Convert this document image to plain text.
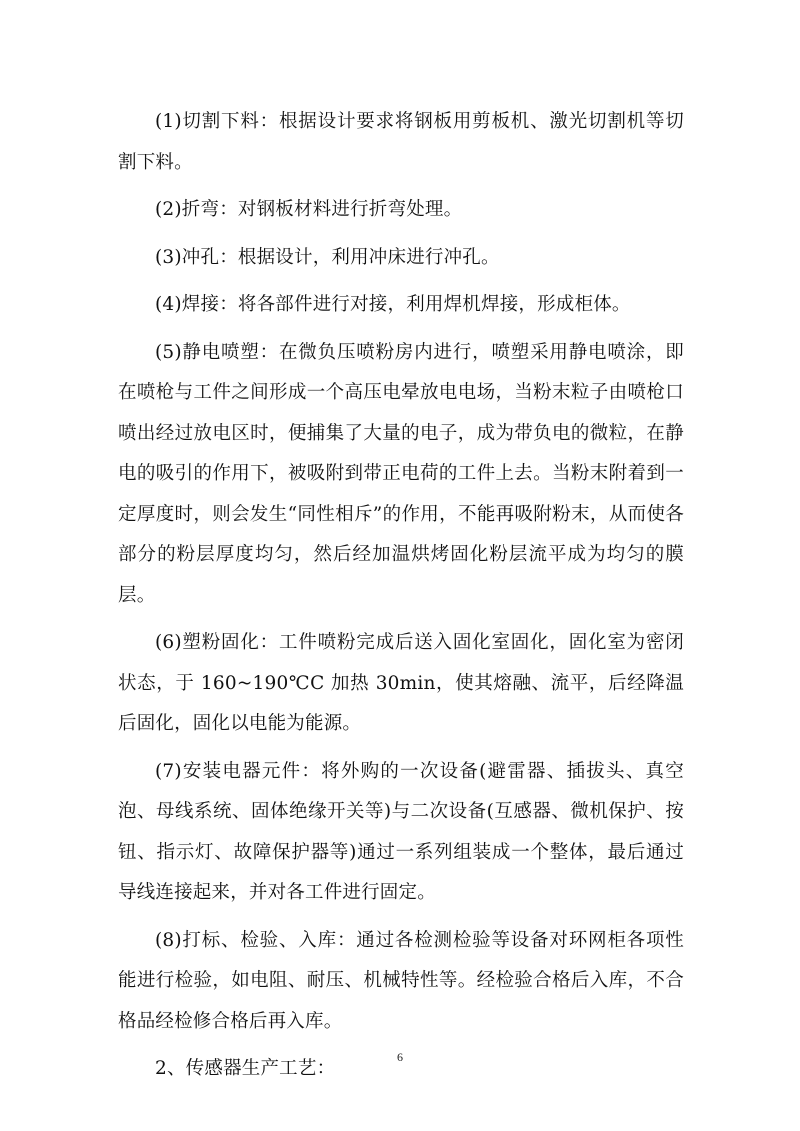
(1)切割下料：根据设计要求将钢板用剪板机、激光切割机等切割下料。

(2)折弯：对钢板材料进行折弯处理。

(3)冲孔：根据设计，利用冲床进行冲孔。

(4)焊接：将各部件进行对接，利用焊机焊接，形成柜体。

(5)静电喷塑：在微负压喷粉房内进行，喷塑采用静电喷涂，即在喷枪与工件之间形成一个高压电晕放电电场，当粉末粒子由喷枪口喷出经过放电区时，便捕集了大量的电子，成为带负电的微粒，在静电的吸引的作用下，被吸附到带正电荷的工件上去。当粉末附着到一定厚度时，则会发生“同性相斥”的作用，不能再吸附粉末，从而使各部分的粉层厚度均匀，然后经加温烘烤固化粉层流平成为均匀的膜层。

(6)塑粉固化：工件喷粉完成后送入固化室固化，固化室为密闭状态，于 160~190℃C 加热 30min，使其熔融、流平，后经降温后固化，固化以电能为能源。

(7)安装电器元件：将外购的一次设备(避雷器、插拔头、真空泡、母线系统、固体绝缘开关等)与二次设备(互感器、微机保护、按钮、指示灯、故障保护器等)通过一系列组装成一个整体，最后通过导线连接起来，并对各工件进行固定。

(8)打标、检验、入库：通过各检测检验等设备对环网柜各项性能进行检验，如电阻、耐压、机械特性等。经检验合格后入库，不合格品经检修合格后再入库。

2、传感器生产工艺：

6
